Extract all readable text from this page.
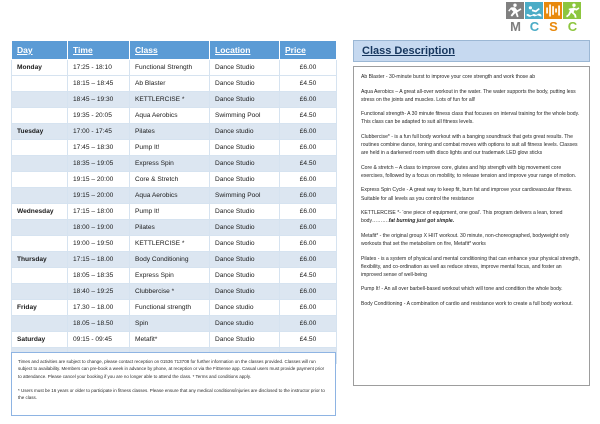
M C S C
Day	Time	Class	Location	Price
Monday	17:25 - 18:10	Functional Strength	Dance Studio	£6.00
	18:15 – 18:45	Ab Blaster	Dance Studio	£4.50
	18:45 – 19:30	KETTLERCISE *	Dance Studio	£6.00
	19:35 - 20:05	Aqua Aerobics	Swimming Pool	£4.50
Tuesday	17:00 - 17:45	Pilates	Dance studio	£6.00
	17:45 – 18:30	Pump It!	Dance Studio	£6.00
	18:35 – 19:05	Express Spin	Dance Studio	£4.50
	19:15 – 20:00	Core & Stretch	Dance Studio	£6.00
	19:15 – 20:00	Aqua Aerobics	Swimming Pool	£6.00
Wednesday	17:15 – 18:00	Pump It!	Dance Studio	£6.00
	18:00 – 19:00	Pilates	Dance Studio	£6.00
	19:00 – 19:50	KETTLERCISE *	Dance Studio	£6.00
Thursday	17:15 – 18.00	Body Conditioning	Dance Studio	£6.00
	18:05 – 18:35	Express Spin	Dance Studio	£4.50
	18:40 – 19:25	Clubbercise *	Dance Studio	£6.00
Friday	17.30 – 18.00	Functional strength	Dance studio	£6.00
	18.05 – 18.50	Spin	Dance studio	£6.00
Saturday	09:15 - 09:45	Metafit*	Dance Studio	£4.50

Times and activities are subject to change, please contact reception on 01536 713708 for further information on the classes provided. Classes will run subject to availability. Members can pre-book a week in advance by phone, at reception or via the FitSense app. Casual users must provide payment prior to attendance. Please cancel your booking if you are no longer able to attend the class. * Terms and conditions apply.

* Users must be 16 years or older to participate in fitness classes. Please ensure that any medical conditions/injuries are disclosed to the instructor prior to the class.

Class Description

Ab Blaster - 30-minute burst to improve your core strength and work those ab

Aqua Aerobics – A great all-over workout in the water. The water supports the body, putting less stress on the joints and muscles. Lots of fun for all!

Functional strength- A 30 minute fitness class that focuses on interval training for the whole body. This class can be adapted to suit all fitness levels.

Clubbercise* - is a fun full body workout with a banging soundtrack that gets great results. The routines combine dance, toning and combat moves with options to suit all fitness levels. Classes are held in a darkened room with disco lights and our trademark LED glow sticks

Core & stretch – A class to improve core, glutes and hip strength with big movement core exercises, followed by a focus on mobility, to release tension and improve your range of motion.

Express Spin Cycle - A great way to keep fit, burn fat and improve your cardiovascular fitness. Suitable for all levels as you control the resistance

KETTLERCISE *- ‘one piece of equipment, one goal’. This program delivers a lean, toned body……….fat burning just got simple.

Metafit* - the original group X HIIT workout. 30 minute, non-choreographed, bodyweight only workouts that set the metabolism on fire, Metafit* works

Pilates - is a system of physical and mental conditioning that can enhance your physical strength, flexibility, and co-ordination as well as reduce stress, improve mental focus, and foster an improved sense of well-being

Pump It! - An all over barbell-based workout which will tone and condition the whole body.

Body Conditioning - A combination of cardio and resistance work to create a full body workout.
